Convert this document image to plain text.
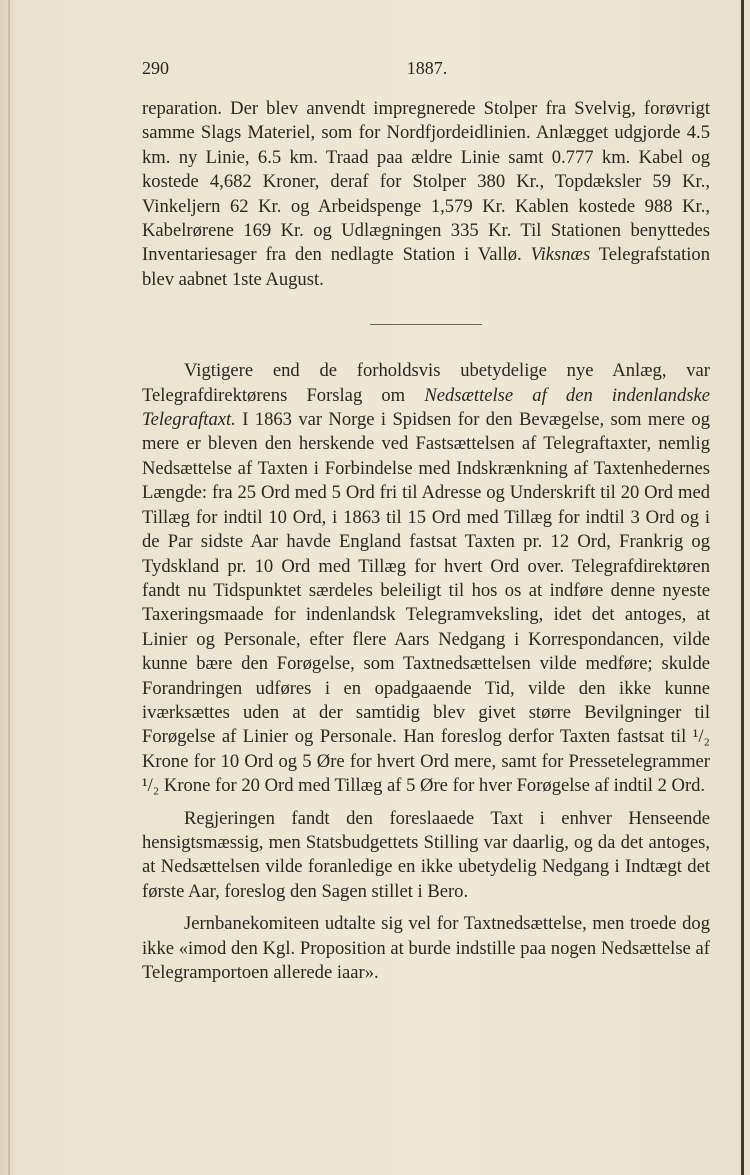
290	1887.

reparation. Der blev anvendt impregnerede Stolper fra Svelvig, forøvrigt samme Slags Materiel, som for Nordfjordeidlinien. Anlægget udgjorde 4.5 km. ny Linie, 6.5 km. Traad paa ældre Linie samt 0.777 km. Kabel og kostede 4,682 Kroner, deraf for Stolper 380 Kr., Topdæksler 59 Kr., Vinkeljern 62 Kr. og Arbeidspenge 1,579 Kr. Kablen kostede 988 Kr., Kabelrørene 169 Kr. og Udlægningen 335 Kr. Til Stationen benyttedes Inventariesager fra den nedlagte Station i Vallø. Viksnæs Telegrafstation blev aabnet 1ste August.

Vigtigere end de forholdsvis ubetydelige nye Anlæg, var Telegrafdirektørens Forslag om Nedsættelse af den indenlandske Telegraftaxt. I 1863 var Norge i Spidsen for den Bevægelse, som mere og mere er bleven den herskende ved Fastsættelsen af Telegraftaxter, nemlig Nedsættelse af Taxten i Forbindelse med Indskrænkning af Taxtenhedernes Længde: fra 25 Ord med 5 Ord fri til Adresse og Underskrift til 20 Ord med Tillæg for indtil 10 Ord, i 1863 til 15 Ord med Tillæg for indtil 3 Ord og i de Par sidste Aar havde England fastsat Taxten pr. 12 Ord, Frankrig og Tydskland pr. 10 Ord med Tillæg for hvert Ord over. Telegrafdirektøren fandt nu Tidspunktet særdeles beleiligt til hos os at indføre denne nyeste Taxeringsmaade for indenlandsk Telegramveksling, idet det antoges, at Linier og Personale, efter flere Aars Nedgang i Korrespondancen, vilde kunne bære den Forøgelse, som Taxtnedsættelsen vilde medføre; skulde Forandringen udføres i en opadgaaende Tid, vilde den ikke kunne iværksættes uden at der samtidig blev givet større Bevilgninger til Forøgelse af Linier og Personale. Han foreslog derfor Taxten fastsat til ¹/₂ Krone for 10 Ord og 5 Øre for hvert Ord mere, samt for Pressetelegrammer ¹/₂ Krone for 20 Ord med Tillæg af 5 Øre for hver Forøgelse af indtil 2 Ord.

Regjeringen fandt den foreslaaede Taxt i enhver Henseende hensigtsmæssig, men Statsbudgettets Stilling var daarlig, og da det antoges, at Nedsættelsen vilde foranledige en ikke ubetydelig Nedgang i Indtægt det første Aar, foreslog den Sagen stillet i Bero.

Jernbanekomiteen udtalte sig vel for Taxtnedsættelse, men troede dog ikke «imod den Kgl. Proposition at burde indstille paa nogen Nedsættelse af Telegramportoen allerede iaar».
